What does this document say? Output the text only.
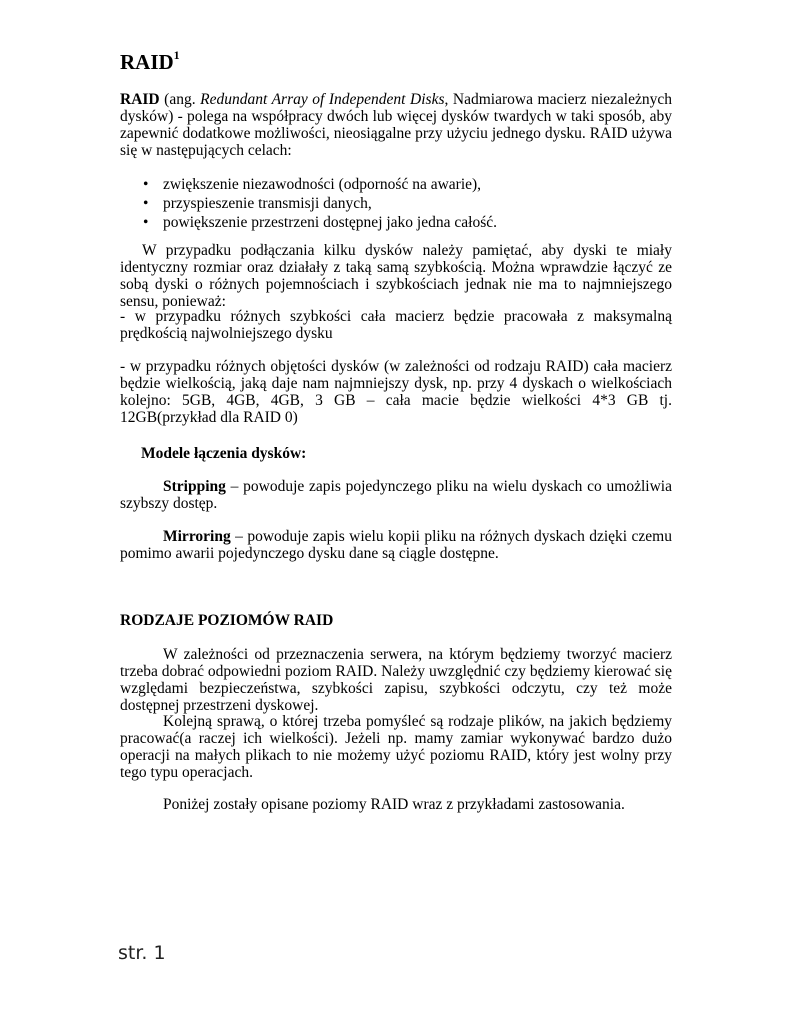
RAID$^1$
RAID (ang. Redundant Array of Independent Disks, Nadmiarowa macierz niezależnych dysków) - polega na współpracy dwóch lub więcej dysków twardych w taki sposób, aby zapewnić dodatkowe możliwości, nieosiągalne przy użyciu jednego dysku. RAID używa się w następujących celach:
• zwiększenie niezawodności (odporność na awarie),
• przyspieszenie transmisji danych,
• powiększenie przestrzeni dostępnej jako jedna całość.
W przypadku podłączania kilku dysków należy pamiętać, aby dyski te miały identyczny rozmiar oraz działały z taką samą szybkością. Można wprawdzie łączyć ze sobą dyski o różnych pojemnościach i szybkościach jednak nie ma to najmniejszego sensu, ponieważ:
- w przypadku różnych szybkości cała macierz będzie pracowała z maksymalną prędkością najwolniejszego dysku
- w przypadku różnych objętości dysków (w zależności od rodzaju RAID) cała macierz będzie wielkością, jaką daje nam najmniejszy dysk, np. przy 4 dyskach o wielkościach kolejno: 5GB, 4GB, 4GB, 3 GB – cała macie będzie wielkości 4*3 GB tj. 12GB(przykład dla RAID 0)
Modele łączenia dysków:
Stripping – powoduje zapis pojedynczego pliku na wielu dyskach co umożliwia szybszy dostęp.
Mirroring – powoduje zapis wielu kopii pliku na różnych dyskach dzięki czemu pomimo awarii pojedynczego dysku dane są ciągle dostępne.
RODZAJE POZIOMÓW RAID
W zależności od przeznaczenia serwera, na którym będziemy tworzyć macierz trzeba dobrać odpowiedni poziom RAID. Należy uwzględnić czy będziemy kierować się względami bezpieczeństwa, szybkości zapisu, szybkości odczytu, czy też może dostępnej przestrzeni dyskowej.
Kolejną sprawą, o której trzeba pomyśleć są rodzaje plików, na jakich będziemy pracować(a raczej ich wielkości). Jeżeli np. mamy zamiar wykonywać bardzo dużo operacji na małych plikach to nie możemy użyć poziomu RAID, który jest wolny przy tego typu operacjach.
Poniżej zostały opisane poziomy RAID wraz z przykładami zastosowania.
str. 1
